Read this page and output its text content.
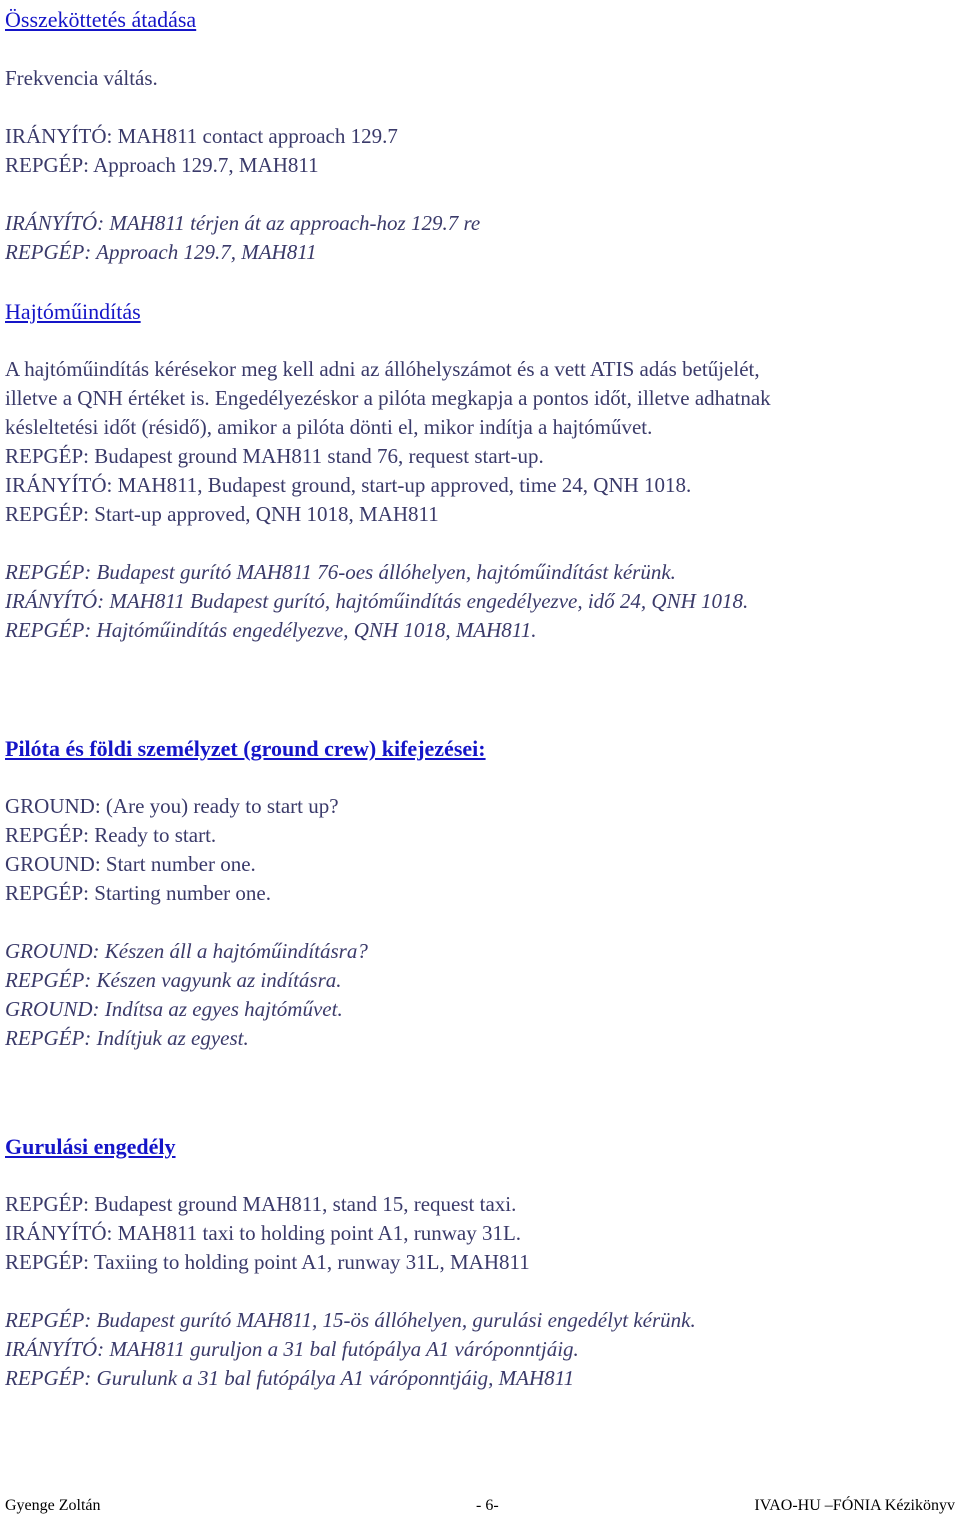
Összeköttetés átadása
Frekvencia váltás.
IRÁNYÍTÓ: MAH811 contact approach 129.7
REPGÉP: Approach 129.7, MAH811
IRÁNYÍTÓ: MAH811 térjen át az approach-hoz 129.7 re
REPGÉP: Approach 129.7, MAH811
Hajtóműindítás
A hajtóműindítás kérésekor meg kell adni az állóhelyszámot és a vett ATIS adás betűjelét,
illetve a QNH értéket is. Engedélyezéskor a pilóta megkapja a pontos időt, illetve adhatnak
késleltetési időt (résidő), amikor a pilóta dönti el, mikor indítja a hajtóművet.
REPGÉP: Budapest ground MAH811 stand 76, request start-up.
IRÁNYÍTÓ: MAH811, Budapest ground, start-up approved, time 24, QNH 1018.
REPGÉP: Start-up approved, QNH 1018, MAH811
REPGÉP: Budapest gurító MAH811 76-oes állóhelyen, hajtóműindítást kérünk.
IRÁNYÍTÓ: MAH811 Budapest gurító, hajtóműindítás engedélyezve, idő 24, QNH 1018.
REPGÉP: Hajtóműindítás engedélyezve, QNH 1018, MAH811.
Pilóta és földi személyzet (ground crew) kifejezései:
GROUND: (Are you) ready to start up?
REPGÉP: Ready to start.
GROUND: Start number one.
REPGÉP: Starting number one.
GROUND: Készen áll a hajtóműindításra?
REPGÉP: Készen vagyunk az indításra.
GROUND: Indítsa az egyes hajtóművet.
REPGÉP: Indítjuk az egyest.
Gurulási engedély
REPGÉP: Budapest ground MAH811, stand 15, request taxi.
IRÁNYÍTÓ: MAH811 taxi to holding point A1, runway 31L.
REPGÉP: Taxiing to holding point A1, runway 31L, MAH811
REPGÉP: Budapest gurító MAH811, 15-ös állóhelyen, gurulási engedélyt kérünk.
IRÁNYÍTÓ: MAH811 guruljon a 31 bal futópálya A1 váróponntjáig.
REPGÉP: Gurulunk a 31 bal futópálya A1 váróponntjáig, MAH811
Gyenge Zoltán	- 6-	IVAO-HU –FÓNIA Kézikönyv
